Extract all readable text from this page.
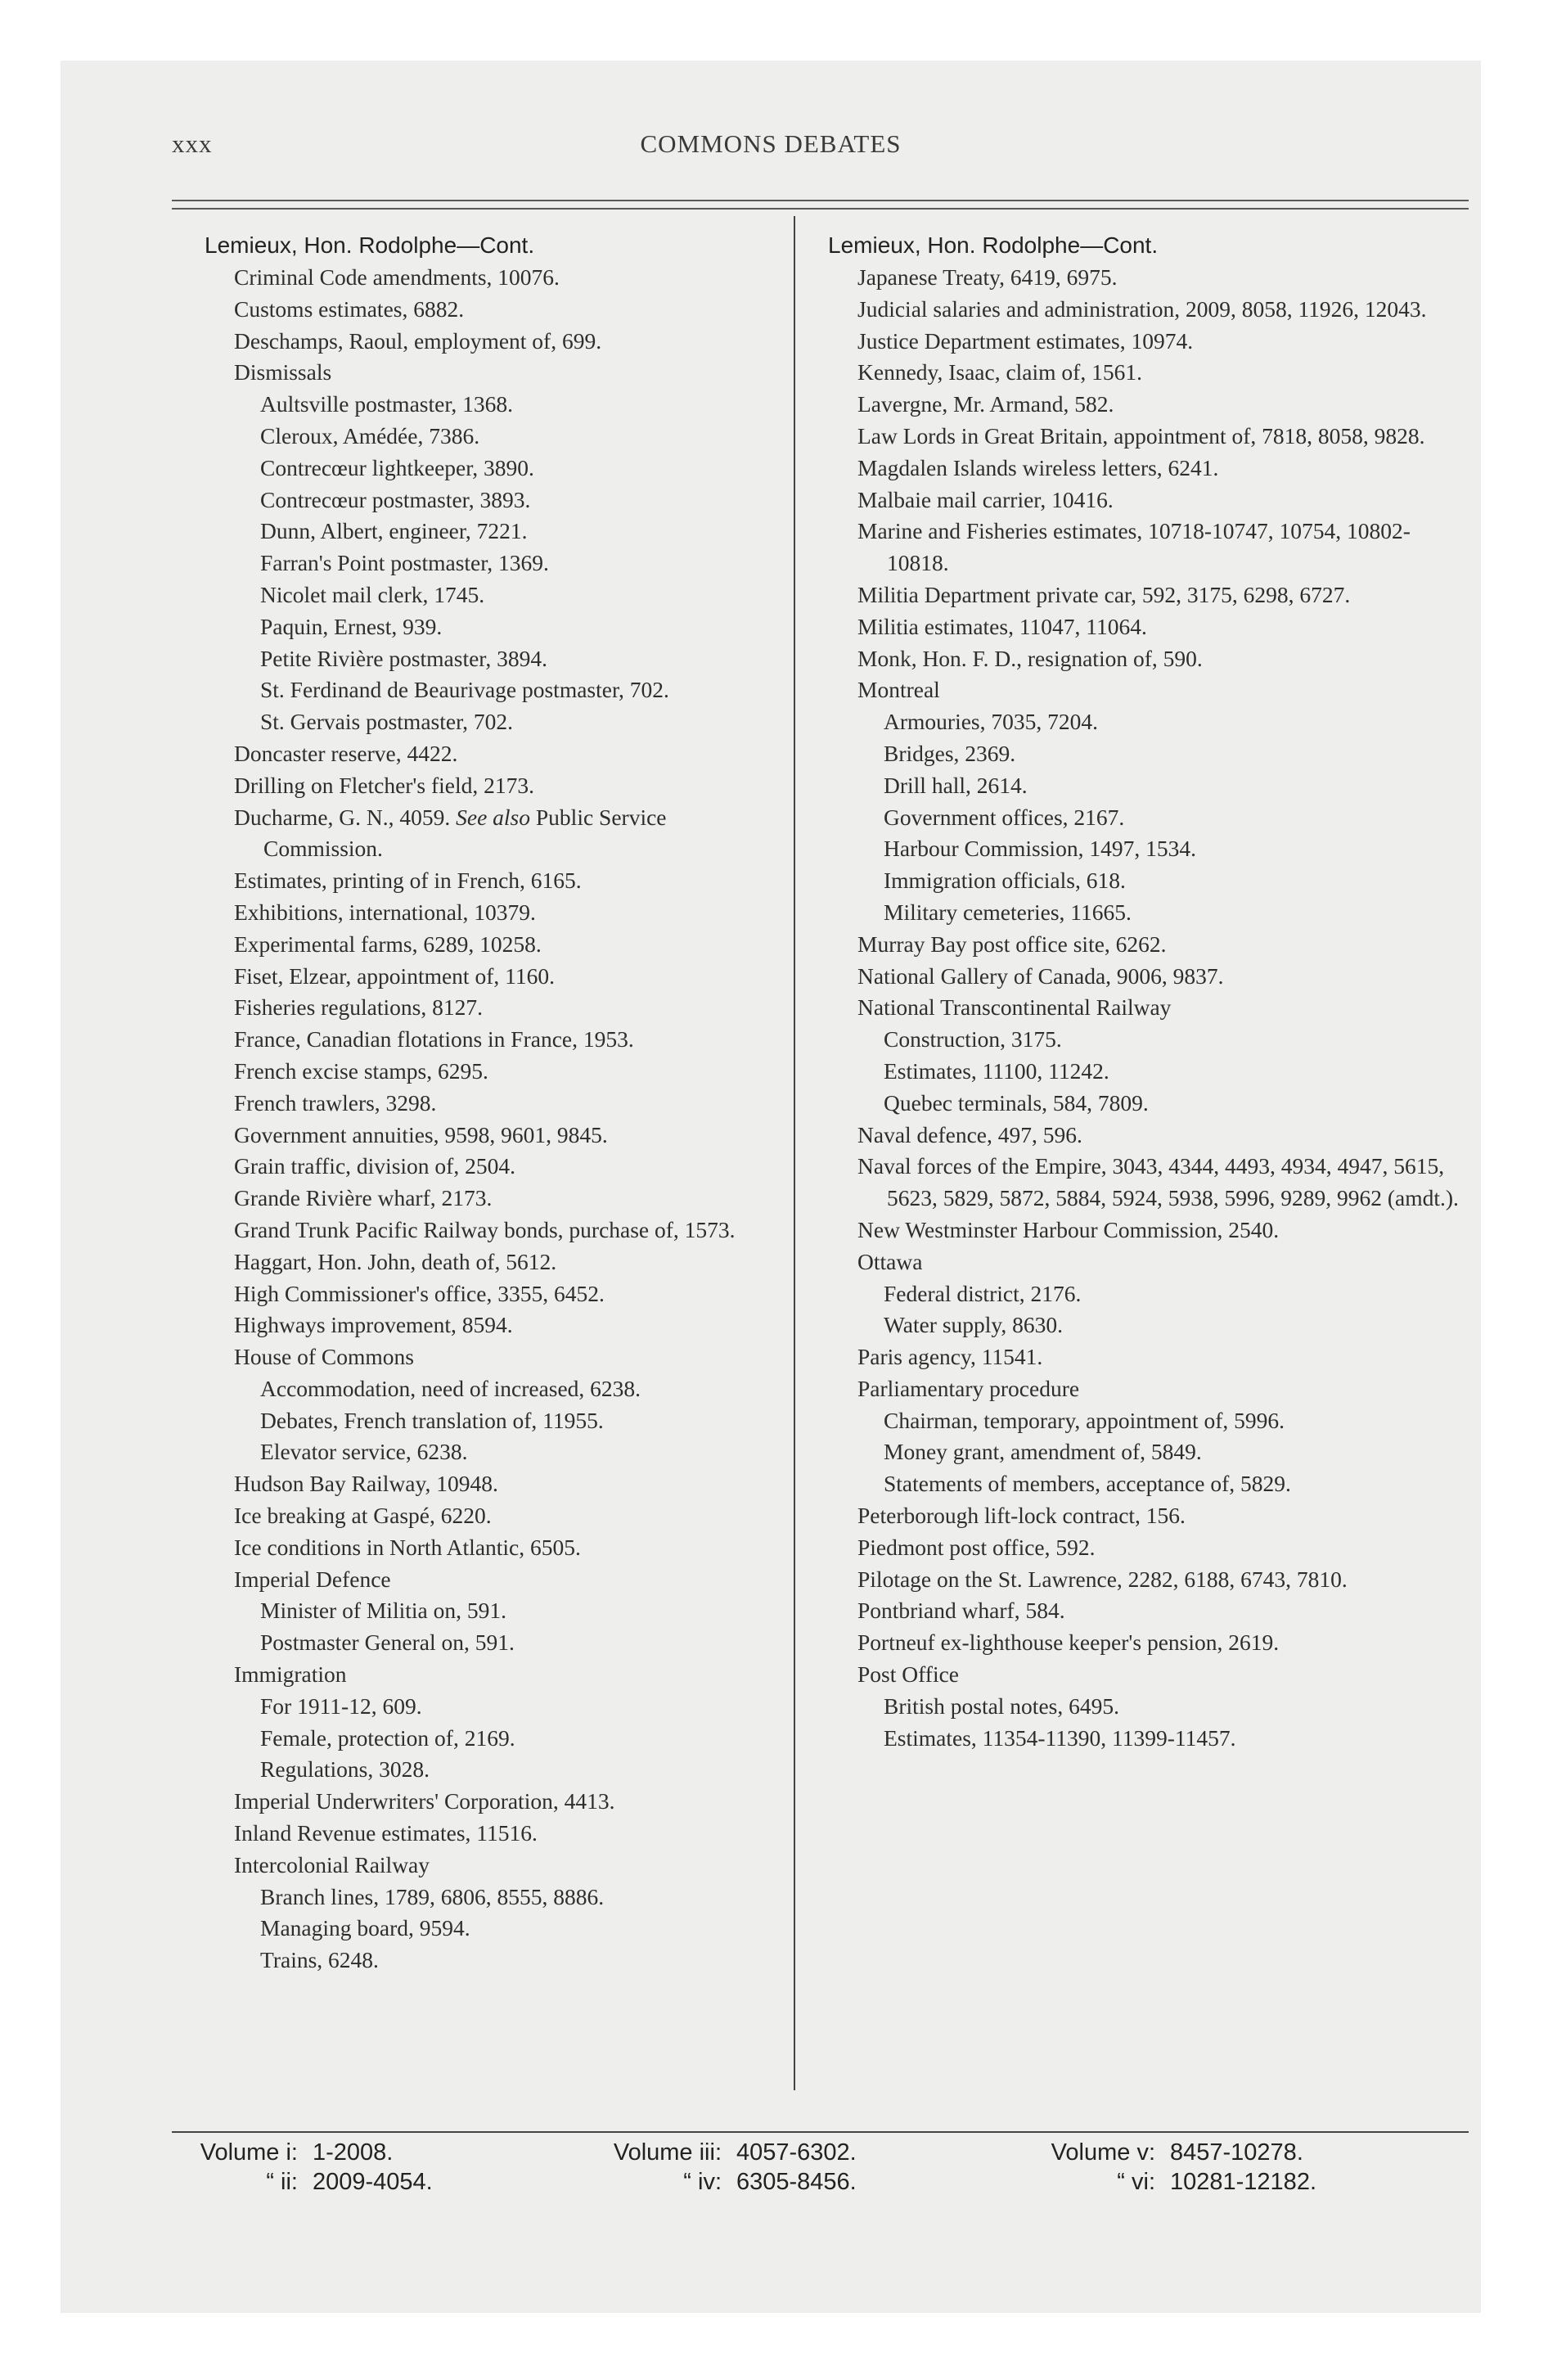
xxx	COMMONS DEBATES
Lemieux, Hon. Rodolphe—Cont.
Criminal Code amendments, 10076.
Customs estimates, 6882.
Deschamps, Raoul, employment of, 699.
Dismissals
Aultsville postmaster, 1368.
Cleroux, Amédée, 7386.
Contrecœur lightkeeper, 3890.
Contrecœur postmaster, 3893.
Dunn, Albert, engineer, 7221.
Farran's Point postmaster, 1369.
Nicolet mail clerk, 1745.
Paquin, Ernest, 939.
Petite Rivière postmaster, 3894.
St. Ferdinand de Beaurivage postmaster, 702.
St. Gervais postmaster, 702.
Doncaster reserve, 4422.
Drilling on Fletcher's field, 2173.
Ducharme, G. N., 4059. See also Public Service Commission.
Estimates, printing of in French, 6165.
Exhibitions, international, 10379.
Experimental farms, 6289, 10258.
Fiset, Elzear, appointment of, 1160.
Fisheries regulations, 8127.
France, Canadian flotations in France, 1953.
French excise stamps, 6295.
French trawlers, 3298.
Government annuities, 9598, 9601, 9845.
Grain traffic, division of, 2504.
Grande Rivière wharf, 2173.
Grand Trunk Pacific Railway bonds, purchase of, 1573.
Haggart, Hon. John, death of, 5612.
High Commissioner's office, 3355, 6452.
Highways improvement, 8594.
House of Commons
Accommodation, need of increased, 6238.
Debates, French translation of, 11955.
Elevator service, 6238.
Hudson Bay Railway, 10948.
Ice breaking at Gaspé, 6220.
Ice conditions in North Atlantic, 6505.
Imperial Defence
Minister of Militia on, 591.
Postmaster General on, 591.
Immigration
For 1911-12, 609.
Female, protection of, 2169.
Regulations, 3028.
Imperial Underwriters' Corporation, 4413.
Inland Revenue estimates, 11516.
Intercolonial Railway
Branch lines, 1789, 6806, 8555, 8886.
Managing board, 9594.
Trains, 6248.
Lemieux, Hon. Rodolphe—Cont.
Japanese Treaty, 6419, 6975.
Judicial salaries and administration, 2009, 8058, 11926, 12043.
Justice Department estimates, 10974.
Kennedy, Isaac, claim of, 1561.
Lavergne, Mr. Armand, 582.
Law Lords in Great Britain, appointment of, 7818, 8058, 9828.
Magdalen Islands wireless letters, 6241.
Malbaie mail carrier, 10416.
Marine and Fisheries estimates, 10718-10747, 10754, 10802-10818.
Militia Department private car, 592, 3175, 6298, 6727.
Militia estimates, 11047, 11064.
Monk, Hon. F. D., resignation of, 590.
Montreal
Armouries, 7035, 7204.
Bridges, 2369.
Drill hall, 2614.
Government offices, 2167.
Harbour Commission, 1497, 1534.
Immigration officials, 618.
Military cemeteries, 11665.
Murray Bay post office site, 6262.
National Gallery of Canada, 9006, 9837.
National Transcontinental Railway
Construction, 3175.
Estimates, 11100, 11242.
Quebec terminals, 584, 7809.
Naval defence, 497, 596.
Naval forces of the Empire, 3043, 4344, 4493, 4934, 4947, 5615, 5623, 5829, 5872, 5884, 5924, 5938, 5996, 9289, 9962 (amdt.).
New Westminster Harbour Commission, 2540.
Ottawa
Federal district, 2176.
Water supply, 8630.
Paris agency, 11541.
Parliamentary procedure
Chairman, temporary, appointment of, 5996.
Money grant, amendment of, 5849.
Statements of members, acceptance of, 5829.
Peterborough lift-lock contract, 156.
Piedmont post office, 592.
Pilotage on the St. Lawrence, 2282, 6188, 6743, 7810.
Pontbriand wharf, 584.
Portneuf ex-lighthouse keeper's pension, 2619.
Post Office
British postal notes, 6495.
Estimates, 11354-11390, 11399-11457.
Volume i: 1-2008.
“ ii: 2009-4054.
Volume iii: 4057-6302.
“ iv: 6305-8456.
Volume v: 8457-10278.
“ vi: 10281-12182.
